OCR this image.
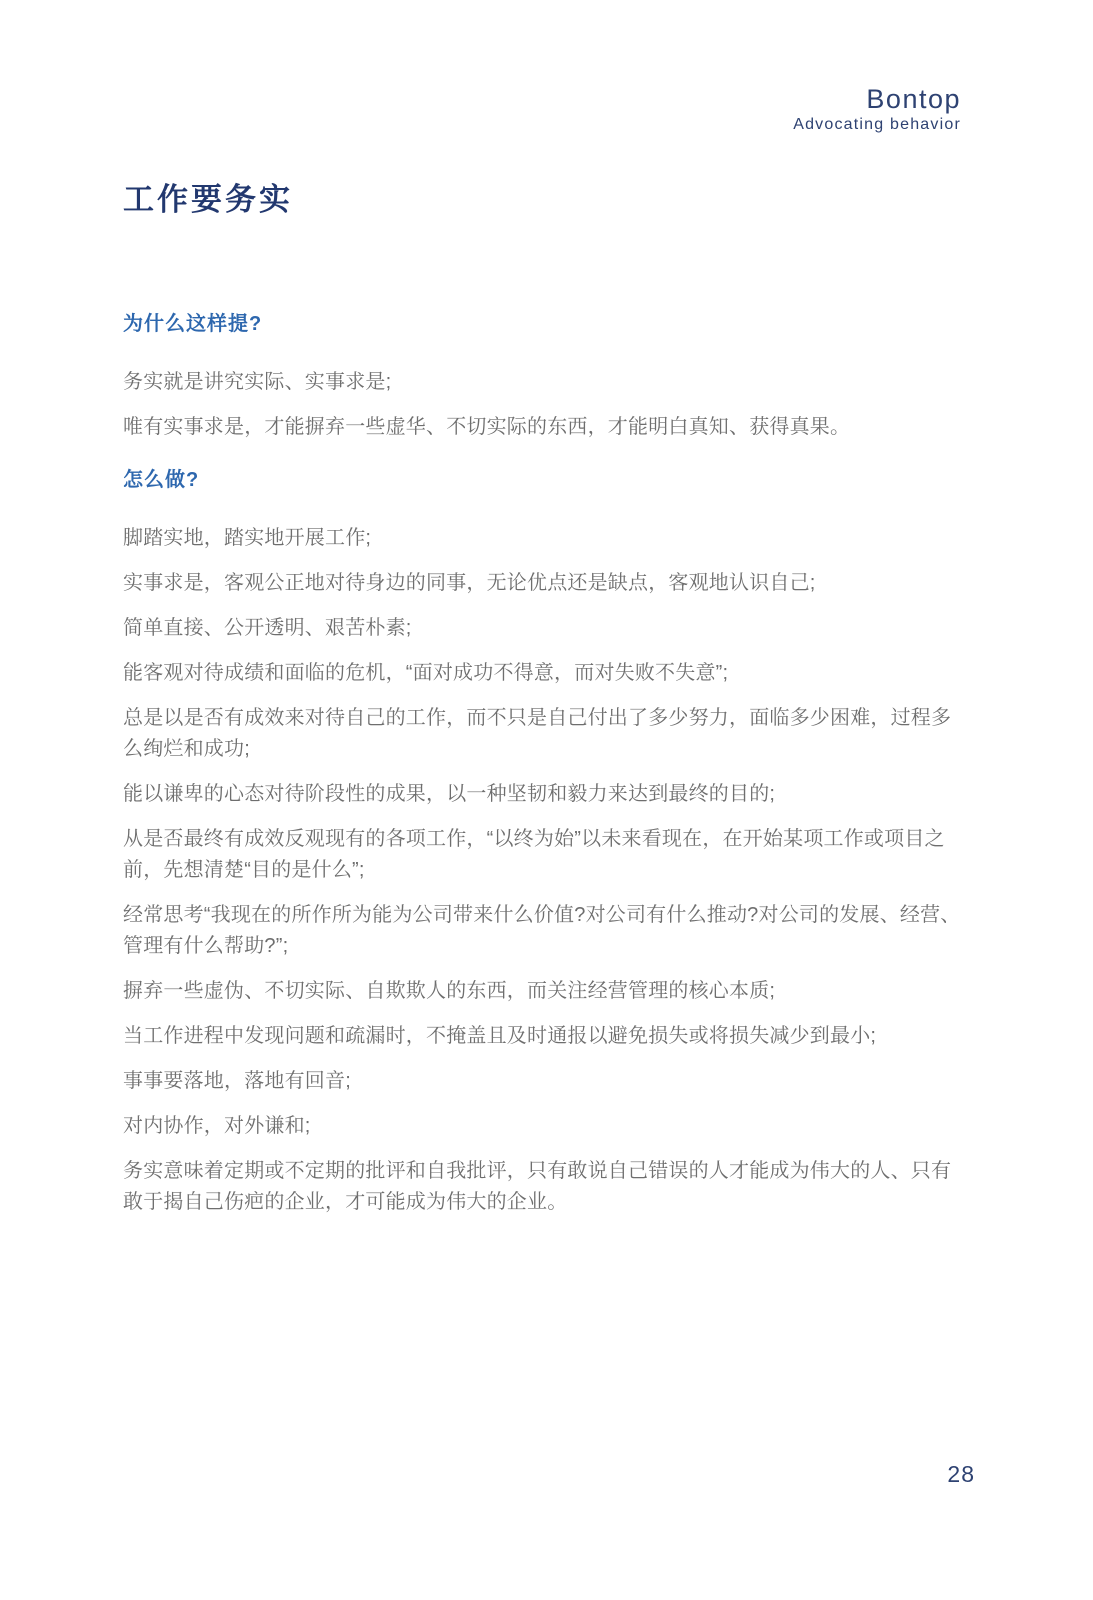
Bontop
Advocating behavior
工作要务实
为什么这样提?

务实就是讲究实际、实事求是;

唯有实事求是，才能摒弃一些虚华、不切实际的东西，才能明白真知、获得真果。

怎么做?

脚踏实地，踏实地开展工作;

实事求是，客观公正地对待身边的同事，无论优点还是缺点，客观地认识自己;

简单直接、公开透明、艰苦朴素;

能客观对待成绩和面临的危机，“面对成功不得意，而对失败不失意”;

总是以是否有成效来对待自己的工作，而不只是自己付出了多少努力，面临多少困难，过程多么绚烂和成功;

能以谦卑的心态对待阶段性的成果，以一种坚韧和毅力来达到最终的目的;

从是否最终有成效反观现有的各项工作，“以终为始”以未来看现在，在开始某项工作或项目之前，先想清楚“目的是什么”;

经常思考“我现在的所作所为能为公司带来什么价值?对公司有什么推动?对公司的发展、经营、管理有什么帮助?”;

摒弃一些虚伪、不切实际、自欺欺人的东西，而关注经营管理的核心本质;

当工作进程中发现问题和疏漏时，不掩盖且及时通报以避免损失或将损失减少到最小;

事事要落地，落地有回音;

对内协作，对外谦和;

务实意味着定期或不定期的批评和自我批评，只有敢说自己错误的人才能成为伟大的人、只有敢于揭自己伤疤的企业，才可能成为伟大的企业。

28
